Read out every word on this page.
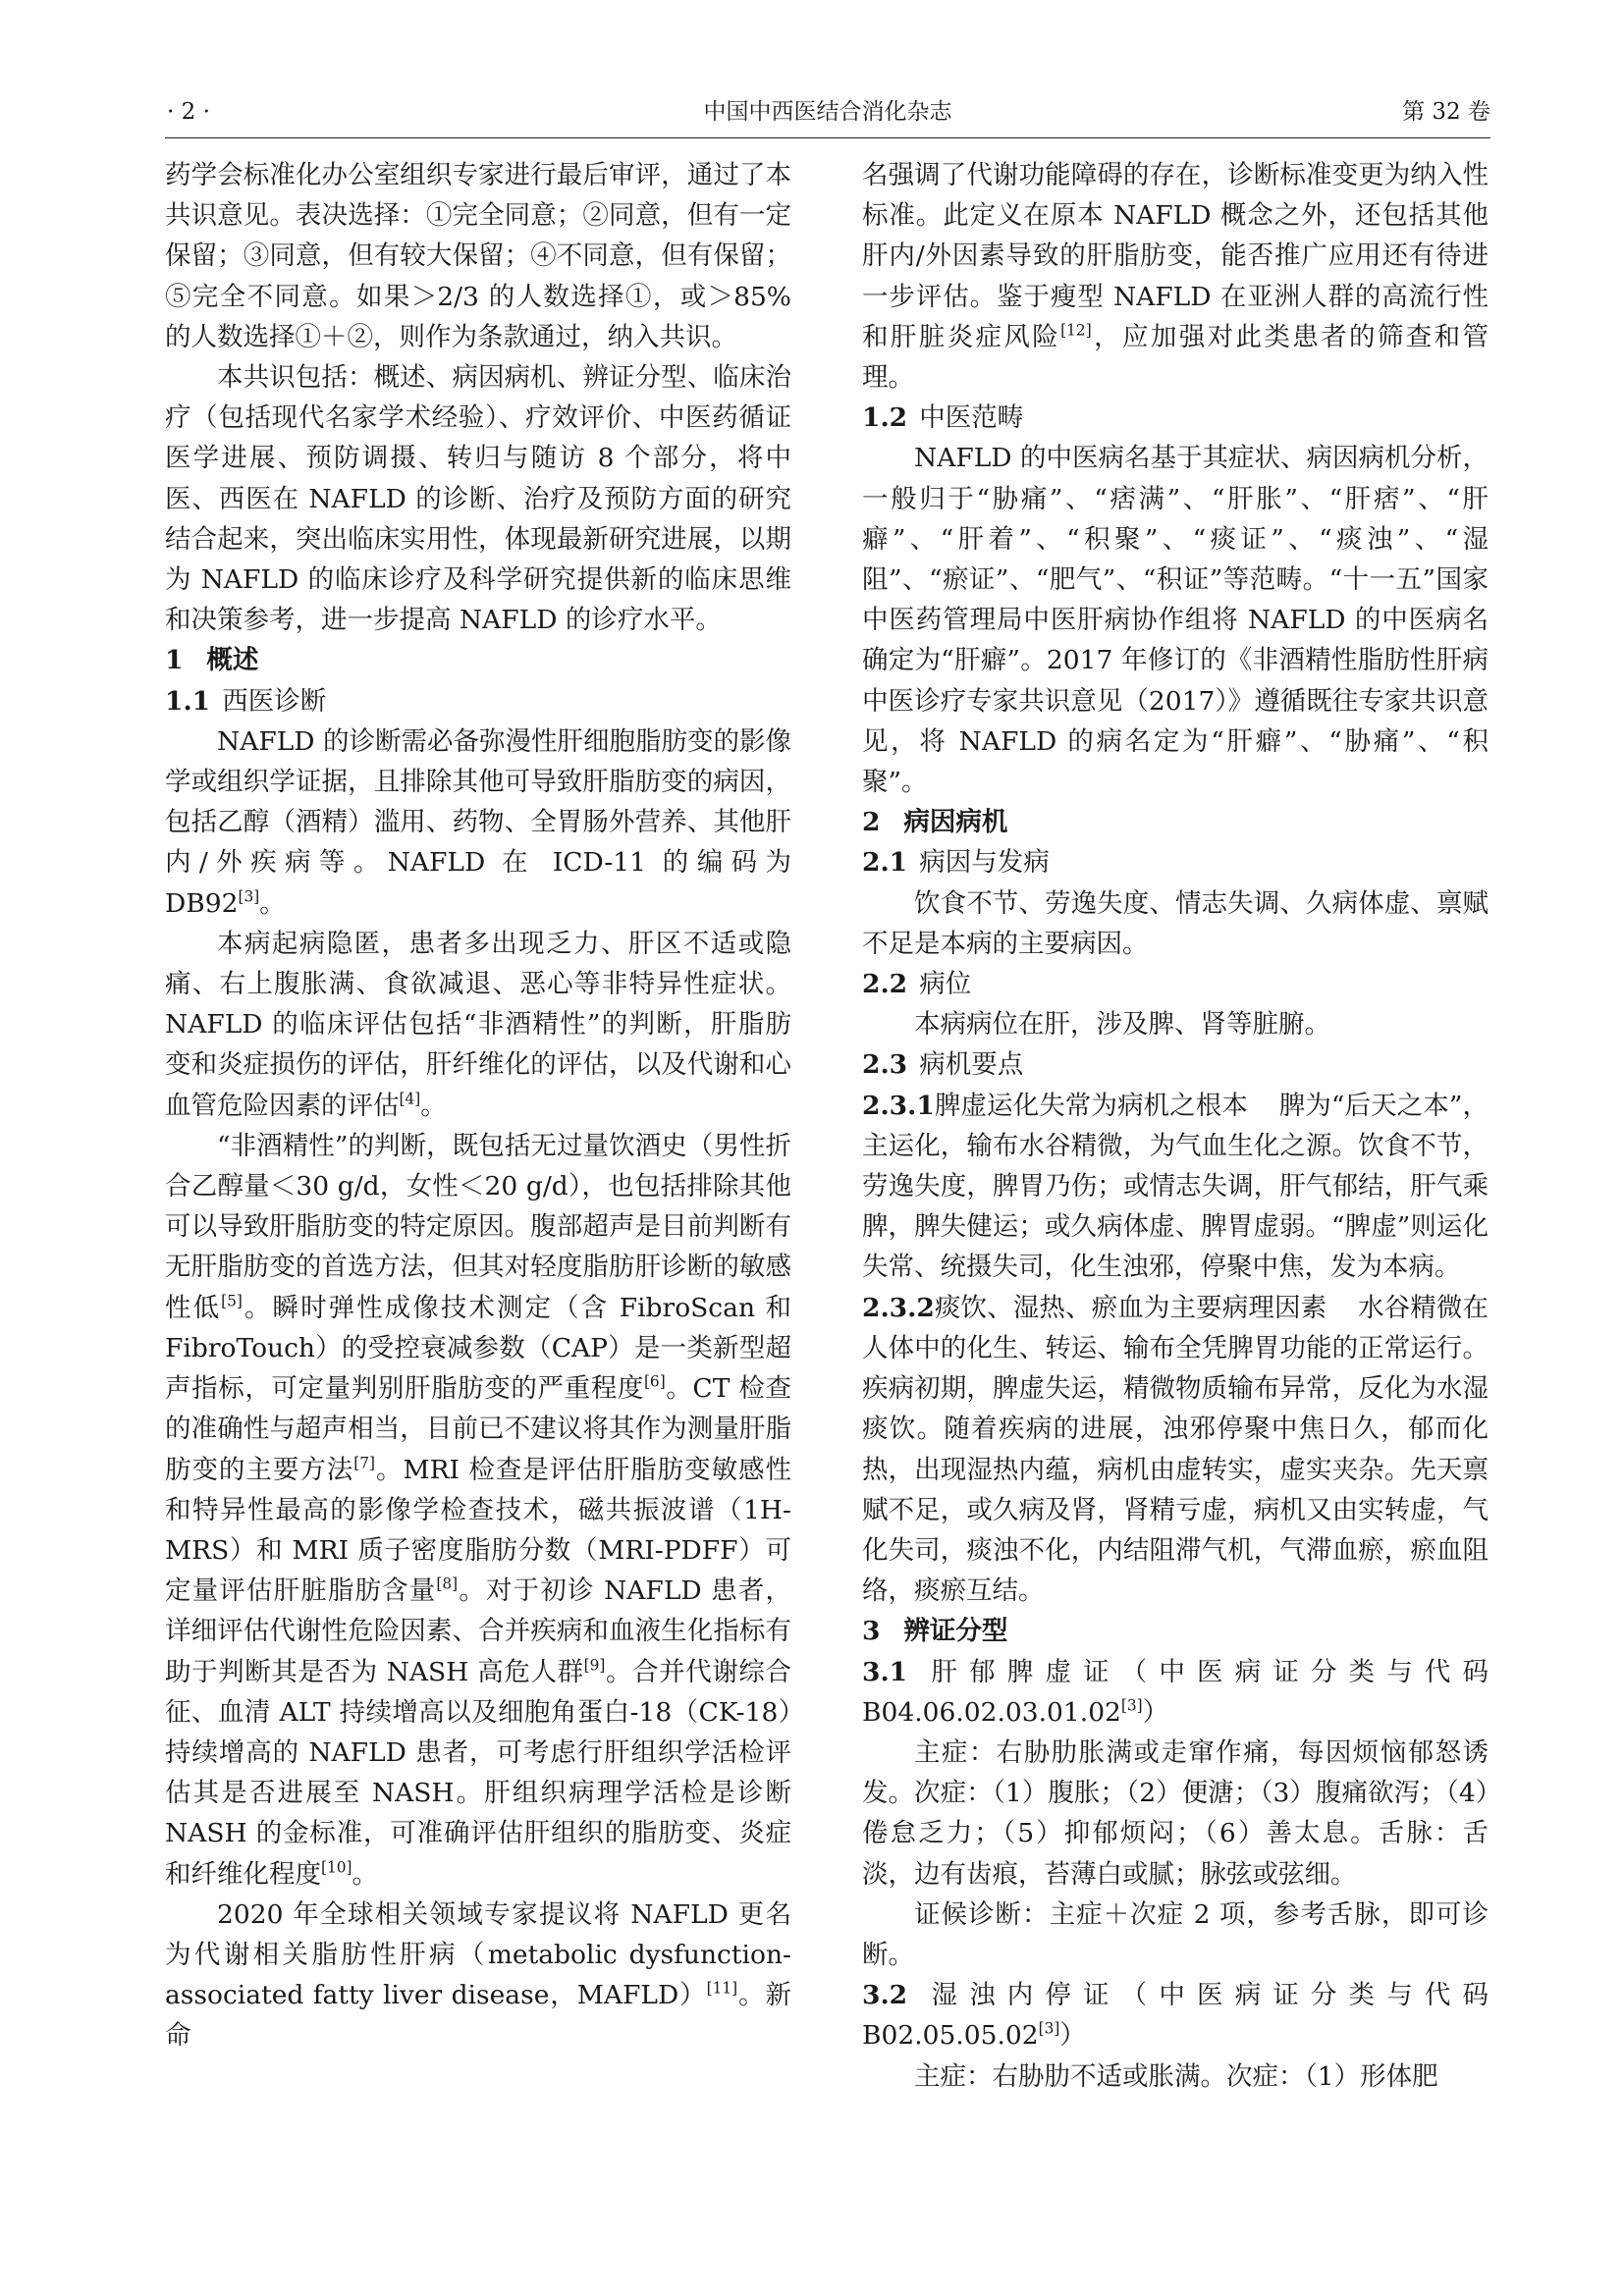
· 2 ·	中国中西医结合消化杂志	第 32 卷

药学会标准化办公室组织专家进行最后审评，通过了本共识意见。表决选择：①完全同意；②同意，但有一定保留；③同意，但有较大保留；④不同意，但有保留；⑤完全不同意。如果＞2/3 的人数选择①，或＞85% 的人数选择①＋②，则作为条款通过，纳入共识。

本共识包括：概述、病因病机、辨证分型、临床治疗（包括现代名家学术经验）、疗效评价、中医药循证医学进展、预防调摄、转归与随访 8 个部分，将中医、西医在 NAFLD 的诊断、治疗及预防方面的研究结合起来，突出临床实用性，体现最新研究进展，以期为 NAFLD 的临床诊疗及科学研究提供新的临床思维和决策参考，进一步提高 NAFLD 的诊疗水平。

1 概述

1.1 西医诊断

NAFLD 的诊断需必备弥漫性肝细胞脂肪变的影像学或组织学证据，且排除其他可导致肝脂肪变的病因，包括乙醇（酒精）滥用、药物、全胃肠外营养、其他肝内/外疾病等。NAFLD 在 ICD-11 的编码为 DB92[3]。

本病起病隐匿，患者多出现乏力、肝区不适或隐痛、右上腹胀满、食欲减退、恶心等非特异性症状。NAFLD 的临床评估包括“非酒精性”的判断，肝脂肪变和炎症损伤的评估，肝纤维化的评估，以及代谢和心血管危险因素的评估[4]。

“非酒精性”的判断，既包括无过量饮酒史（男性折合乙醇量＜30 g/d，女性＜20 g/d），也包括排除其他可以导致肝脂肪变的特定原因。腹部超声是目前判断有无肝脂肪变的首选方法，但其对轻度脂肪肝诊断的敏感性低[5]。瞬时弹性成像技术测定（含 FibroScan 和 FibroTouch）的受控衰减参数（CAP）是一类新型超声指标，可定量判别肝脂肪变的严重程度[6]。CT 检查的准确性与超声相当，目前已不建议将其作为测量肝脂肪变的主要方法[7]。MRI 检查是评估肝脂肪变敏感性和特异性最高的影像学检查技术，磁共振波谱（1H-MRS）和 MRI 质子密度脂肪分数（MRI-PDFF）可定量评估肝脏脂肪含量[8]。对于初诊 NAFLD 患者，详细评估代谢性危险因素、合并疾病和血液生化指标有助于判断其是否为 NASH 高危人群[9]。合并代谢综合征、血清 ALT 持续增高以及细胞角蛋白-18（CK-18）持续增高的 NAFLD 患者，可考虑行肝组织学活检评估其是否进展至 NASH。肝组织病理学活检是诊断 NASH 的金标准，可准确评估肝组织的脂肪变、炎症和纤维化程度[10]。

2020 年全球相关领域专家提议将 NAFLD 更名为代谢相关脂肪性肝病（metabolic dysfunction-associated fatty liver disease，MAFLD）[11]。新命

名强调了代谢功能障碍的存在，诊断标准变更为纳入性标准。此定义在原本 NAFLD 概念之外，还包括其他肝内/外因素导致的肝脂肪变，能否推广应用还有待进一步评估。鉴于瘦型 NAFLD 在亚洲人群的高流行性和肝脏炎症风险[12]，应加强对此类患者的筛查和管理。

1.2 中医范畴

NAFLD 的中医病名基于其症状、病因病机分析，一般归于“胁痛”、“痞满”、“肝胀”、“肝痞”、“肝癖”、“肝着”、“积聚”、“痰证”、“痰浊”、“湿阻”、“瘀证”、“肥气”、“积证”等范畴。“十一五”国家中医药管理局中医肝病协作组将 NAFLD 的中医病名确定为“肝癖”。2017 年修订的《非酒精性脂肪性肝病中医诊疗专家共识意见（2017）》遵循既往专家共识意见，将 NAFLD 的病名定为“肝癖”、“胁痛”、“积聚”。

2 病因病机

2.1 病因与发病

饮食不节、劳逸失度、情志失调、久病体虚、禀赋不足是本病的主要病因。

2.2 病位

本病病位在肝，涉及脾、肾等脏腑。

2.3 病机要点

2.3.1脾虚运化失常为病机之根本 脾为“后天之本”，主运化，输布水谷精微，为气血生化之源。饮食不节，劳逸失度，脾胃乃伤；或情志失调，肝气郁结，肝气乘脾，脾失健运；或久病体虚、脾胃虚弱。“脾虚”则运化失常、统摄失司，化生浊邪，停聚中焦，发为本病。

2.3.2痰饮、湿热、瘀血为主要病理因素 水谷精微在人体中的化生、转运、输布全凭脾胃功能的正常运行。疾病初期，脾虚失运，精微物质输布异常，反化为水湿痰饮。随着疾病的进展，浊邪停聚中焦日久，郁而化热，出现湿热内蕴，病机由虚转实，虚实夹杂。先天禀赋不足，或久病及肾，肾精亏虚，病机又由实转虚，气化失司，痰浊不化，内结阻滞气机，气滞血瘀，瘀血阻络，痰瘀互结。

3 辨证分型

3.1 肝郁脾虚证（中医病证分类与代码 B04.06.02.03.01.02[3]）

主症：右胁肋胀满或走窜作痛，每因烦恼郁怒诱发。次症：（1）腹胀；（2）便溏；（3）腹痛欲泻；（4）倦怠乏力；（5）抑郁烦闷；（6）善太息。舌脉：舌淡，边有齿痕，苔薄白或腻；脉弦或弦细。

证候诊断：主症＋次症 2 项，参考舌脉，即可诊断。

3.2 湿浊内停证（中医病证分类与代码 B02.05.05.02[3]）

主症：右胁肋不适或胀满。次症：（1）形体肥
